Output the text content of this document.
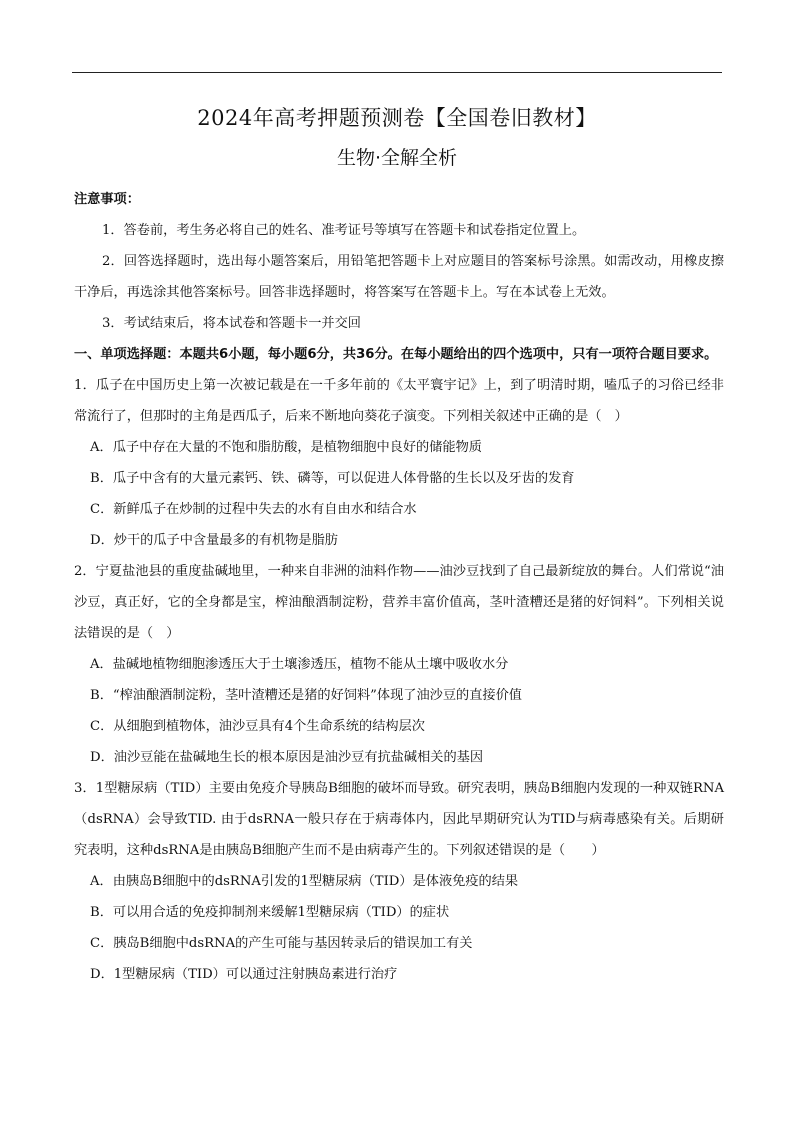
2024年高考押题预测卷【全国卷旧教材】
生物·全解全析

注意事项：

1．答卷前，考生务必将自己的姓名、准考证号等填写在答题卡和试卷指定位置上。

2．回答选择题时，选出每小题答案后，用铅笔把答题卡上对应题目的答案标号涂黑。如需改动，用橡皮擦干净后，再选涂其他答案标号。回答非选择题时，将答案写在答题卡上。写在本试卷上无效。

3．考试结束后，将本试卷和答题卡一并交回

一、单项选择题：本题共6小题，每小题6分，共36分。在每小题给出的四个选项中，只有一项符合题目要求。

1．瓜子在中国历史上第一次被记载是在一千多年前的《太平寰宇记》上，到了明清时期，嗑瓜子的习俗已经非常流行了，但那时的主角是西瓜子，后来不断地向葵花子演变。下列相关叙述中正确的是（　）

A．瓜子中存在大量的不饱和脂肪酸，是植物细胞中良好的储能物质

B．瓜子中含有的大量元素钙、铁、磷等，可以促进人体骨骼的生长以及牙齿的发育

C．新鲜瓜子在炒制的过程中失去的水有自由水和结合水

D．炒干的瓜子中含量最多的有机物是脂肪

2．宁夏盐池县的重度盐碱地里，一种来自非洲的油料作物——油沙豆找到了自己最新绽放的舞台。人们常说“油沙豆，真正好，它的全身都是宝，榨油酿酒制淀粉，营养丰富价值高，茎叶渣糟还是猪的好饲料”。下列相关说法错误的是（　）

A．盐碱地植物细胞渗透压大于土壤渗透压，植物不能从土壤中吸收水分

B．“榨油酿酒制淀粉，茎叶渣糟还是猪的好饲料”体现了油沙豆的直接价值

C．从细胞到植物体，油沙豆具有4个生命系统的结构层次

D．油沙豆能在盐碱地生长的根本原因是油沙豆有抗盐碱相关的基因

3．1型糖尿病（TID）主要由免疫介导胰岛B细胞的破坏而导致。研究表明，胰岛B细胞内发现的一种双链RNA（dsRNA）会导致TID. 由于dsRNA一般只存在于病毒体内，因此早期研究认为TID与病毒感染有关。后期研究表明，这种dsRNA是由胰岛B细胞产生而不是由病毒产生的。下列叙述错误的是（　　）

A．由胰岛B细胞中的dsRNA引发的1型糖尿病（TID）是体液免疫的结果

B．可以用合适的免疫抑制剂来缓解1型糖尿病（TID）的症状

C．胰岛B细胞中dsRNA的产生可能与基因转录后的错误加工有关

D．1型糖尿病（TID）可以通过注射胰岛素进行治疗
